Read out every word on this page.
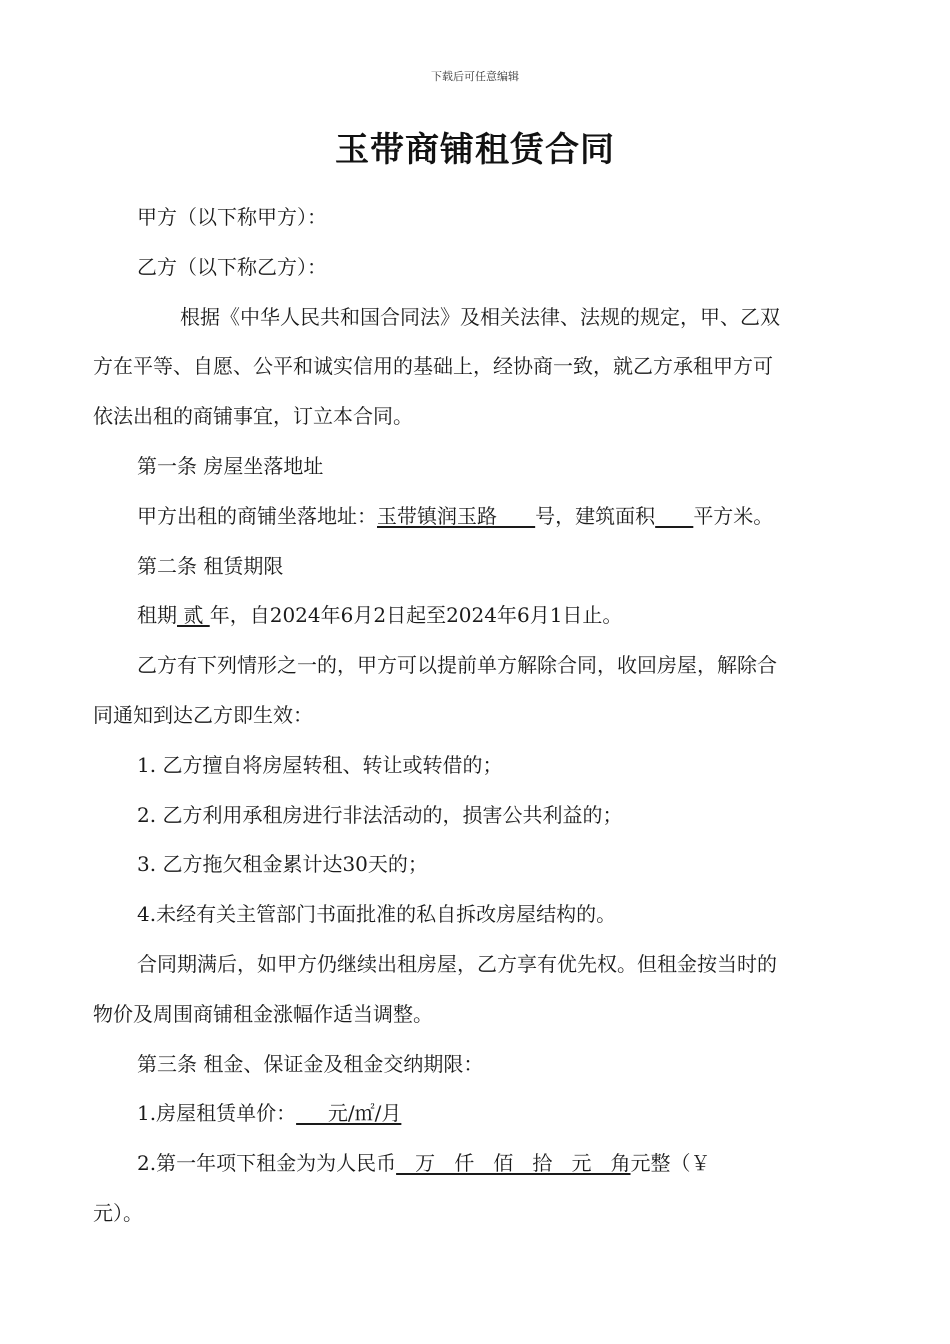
下载后可任意编辑
玉带商铺租赁合同
甲方（以下称甲方）：
乙方（以下称乙方）：
根据《中华人民共和国合同法》及相关法律、法规的规定，甲、乙双
方在平等、自愿、公平和诚实信用的基础上，经协商一致，就乙方承租甲方可
依法出租的商铺事宜，订立本合同。
第一条 房屋坐落地址
甲方出租的商铺坐落地址：玉带镇润玉路      号，建筑面积 平方米。
第二条 租赁期限
租期 贰 年，自2024年6月2日起至2024年6月1日止。
乙方有下列情形之一的，甲方可以提前单方解除合同，收回房屋，解除合
同通知到达乙方即生效：
1. 乙方擅自将房屋转租、转让或转借的；
2. 乙方利用承租房进行非法活动的，损害公共利益的；
3. 乙方拖欠租金累计达30天的；
4.未经有关主管部门书面批准的私自拆改房屋结构的。
合同期满后，如甲方仍继续出租房屋，乙方享有优先权。但租金按当时的
物价及周围商铺租金涨幅作适当调整。
第三条 租金、保证金及租金交纳期限：
1.房屋租赁单价：     元/㎡/月
2.第一年项下租金为为人民币   万   仟   佰   拾   元   角元整（￥
元）。
